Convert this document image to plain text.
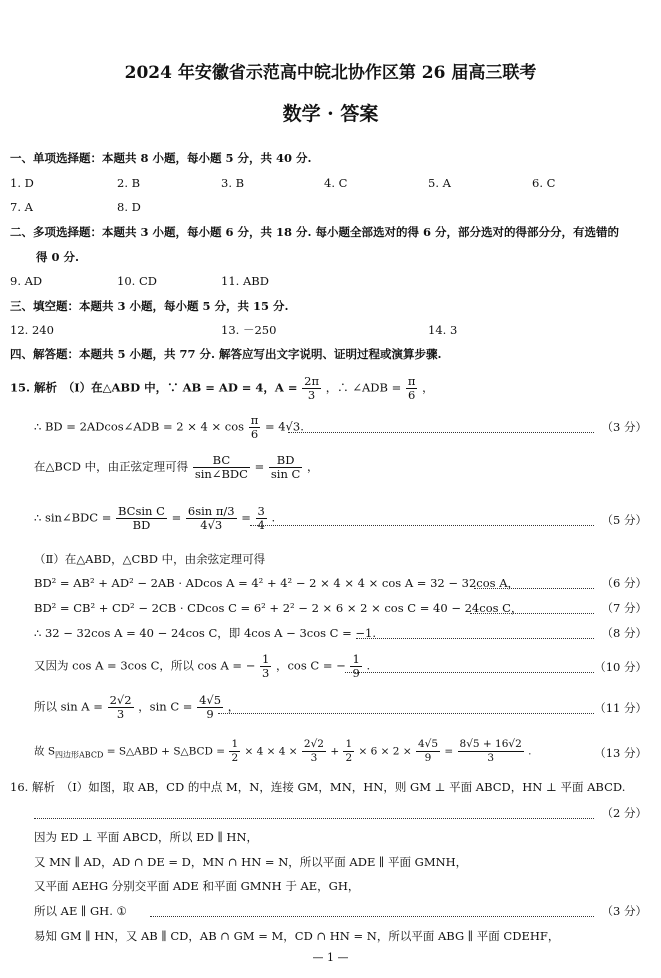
2024 年安徽省示范高中皖北协作区第 26 届高三联考
数学 · 答案
一、单项选择题：本题共 8 小题，每小题 5 分，共 40 分.
1. D	2. B	3. B	4. C	5. A	6. C
7. A	8. D
二、多项选择题：本题共 3 小题，每小题 6 分，共 18 分. 每小题全部选对的得 6 分，部分选对的得部分分，有选错的
得 0 分.
9. AD	10. CD	11. ABD
三、填空题：本题共 3 小题，每小题 5 分，共 15 分.
12. 240	13. －250	14. 3
四、解答题：本题共 5 小题，共 77 分. 解答应写出文字说明、证明过程或演算步骤.
15. 解析　（Ⅰ）在△ABD 中，∵ AB = AD = 4，$A = \frac{2\pi}{3}$ ，∴ ∠ADB = $\frac{\pi}{6}$ ，
∴ BD = 2ADcos∠ADB = $2 \times 4 \times \cos \frac{\pi}{6} = 4√3$.	（3 分）
在△BCD 中，由正弦定理可得	BC
sin∠BDC
= $\frac{BD}{\text{sin C}}$ ，
∴ sin∠BDC = $\frac{\text{BCsin C}}{BD} = \frac{\text{6sin π/3}}{4√3} = \frac{3}{4}$ .	（5 分）
（Ⅱ）在△ABD，△CBD 中，由余弦定理可得
BD² = AB² + AD² − 2AB · ADcos A = 4² + 4² − 2 × 4 × 4 × cos A = 32 − 32cos A，	（6 分）
BD² = CB² + CD² − 2CB · CDcos C = 6² + 2² − 2 × 6 × 2 × cos C = 40 − 24cos C，	（7 分）
∴ 32 − 32cos A = 40 − 24cos C，即 4cos A − 3cos C = −1.	（8 分）
又因为 cos A = 3cos C，所以 cos A = − $\frac{1}{3}$ ，cos C = − $\frac{1}{9}$ .	（10 分）
所以 $\sin A = \frac{2√2}{3}$ ，$\sin C = \frac{4√5}{9}$ ，	（11 分）
故 $S_{四边形ABCD}$ = S△ABD + S△BCD = $\frac{1}{2} \times 4 \times 4 \times \frac{2√2}{3} + \frac{1}{2} \times 6 \times 2 \times \frac{4√5}{9} = \frac{8√5 + 16√2}{3}$ .	（13 分）
16. 解析　（Ⅰ）如图，取 AB，CD 的中点 M，N，连接 GM，MN，HN，则 GM ⊥ 平面 ABCD，HN ⊥ 平面 ABCD.
（2 分）
因为 ED ⊥ 平面 ABCD，所以 ED ∥ HN，
又 MN ∥ AD，AD ∩ DE = D，MN ∩ HN = N，所以平面 ADE ∥ 平面 GMNH，
又平面 AEHG 分别交平面 ADE 和平面 GMNH 于 AE，GH，
所以 AE ∥ GH. ①	（3 分）
易知 GM ∥ HN，又 AB ∥ CD，AB ∩ GM = M，CD ∩ HN = N，所以平面 ABG ∥ 平面 CDEHF，
— 1 —
